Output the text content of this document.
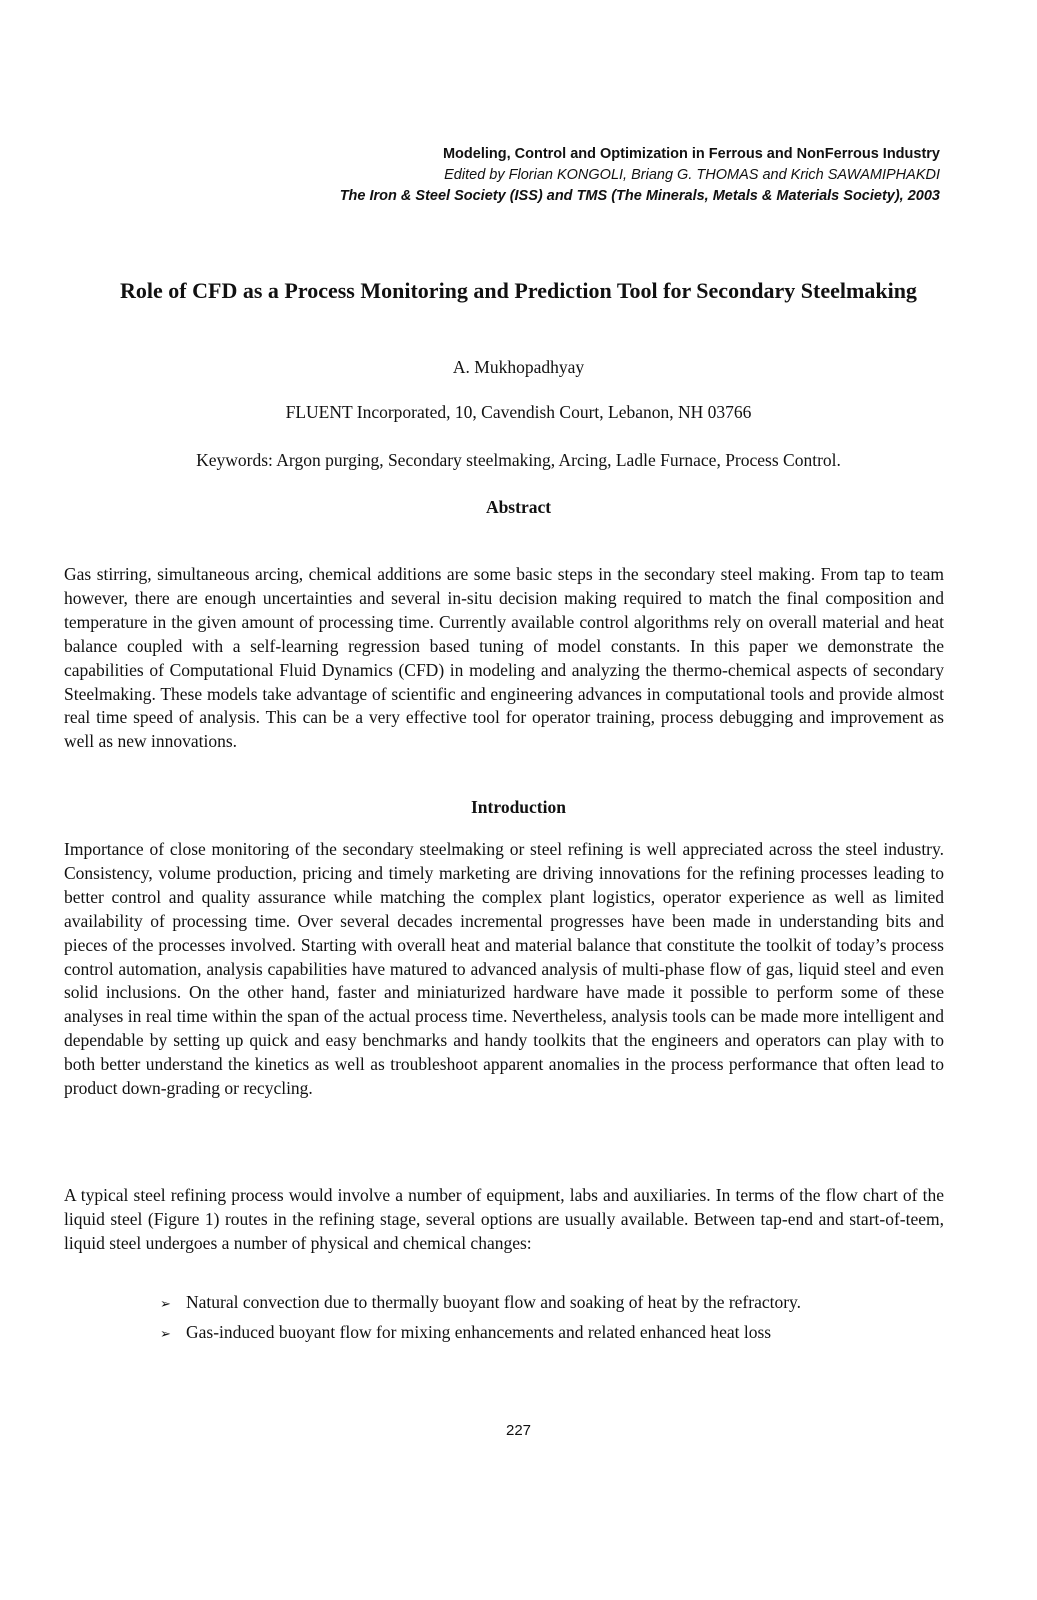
Modeling, Control and Optimization in Ferrous and NonFerrous Industry
Edited by Florian KONGOLI, Briang G. THOMAS and Krich SAWAMIPHAKDI
The Iron & Steel Society (ISS) and TMS (The Minerals, Metals & Materials Society), 2003
Role of CFD as a Process Monitoring and Prediction Tool for Secondary Steelmaking
A. Mukhopadhyay
FLUENT Incorporated, 10, Cavendish Court, Lebanon, NH 03766
Keywords: Argon purging, Secondary steelmaking, Arcing, Ladle Furnace, Process Control.
Abstract

Gas stirring, simultaneous arcing, chemical additions are some basic steps in the secondary steel making. From tap to team however, there are enough uncertainties and several in-situ decision making required to match the final composition and temperature in the given amount of processing time. Currently available control algorithms rely on overall material and heat balance coupled with a self-learning regression based tuning of model constants. In this paper we demonstrate the capabilities of Computational Fluid Dynamics (CFD) in modeling and analyzing the thermo-chemical aspects of secondary Steelmaking. These models take advantage of scientific and engineering advances in computational tools and provide almost real time speed of analysis. This can be a very effective tool for operator training, process debugging and improvement as well as new innovations.

Introduction

Importance of close monitoring of the secondary steelmaking or steel refining is well appreciated across the steel industry. Consistency, volume production, pricing and timely marketing are driving innovations for the refining processes leading to better control and quality assurance while matching the complex plant logistics, operator experience as well as limited availability of processing time. Over several decades incremental progresses have been made in understanding bits and pieces of the processes involved. Starting with overall heat and material balance that constitute the toolkit of today’s process control automation, analysis capabilities have matured to advanced analysis of multi-phase flow of gas, liquid steel and even solid inclusions. On the other hand, faster and miniaturized hardware have made it possible to perform some of these analyses in real time within the span of the actual process time. Nevertheless, analysis tools can be made more intelligent and dependable by setting up quick and easy benchmarks and handy toolkits that the engineers and operators can play with to both better understand the kinetics as well as troubleshoot apparent anomalies in the process performance that often lead to product down-grading or recycling.

A typical steel refining process would involve a number of equipment, labs and auxiliaries. In terms of the flow chart of the liquid steel (Figure 1) routes in the refining stage, several options are usually available. Between tap-end and start-of-teem, liquid steel undergoes a number of physical and chemical changes:

➢ Natural convection due to thermally buoyant flow and soaking of heat by the refractory.
➢ Gas-induced buoyant flow for mixing enhancements and related enhanced heat loss
227
